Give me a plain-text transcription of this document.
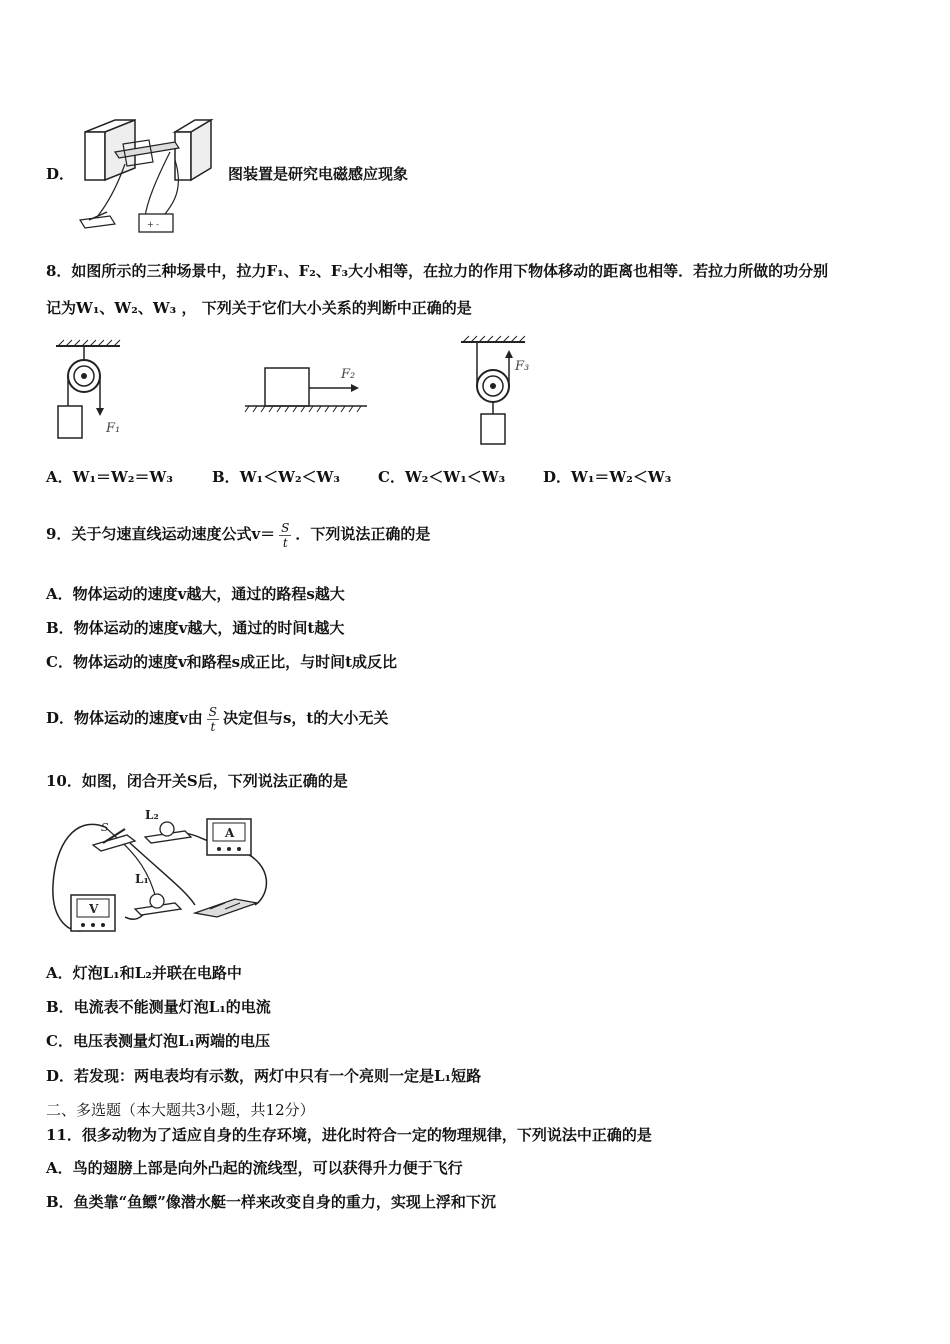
+ -
D．	图装置是研究电磁感应现象
8．如图所示的三种场景中，拉力F₁、F₂、F₃大小相等，在拉力的作用下物体移动的距离也相等．若拉力所做的功分别
记为W₁、W₂、W₃ ， 下列关于它们大小关系的判断中正确的是
F₁
F₂
F₃
A．W₁＝W₂＝W₃	B．W₁＜W₂＜W₃	C．W₂＜W₁＜W₃	D．W₁＝W₂＜W₃
9．关于匀速直线运动速度公式$v= \frac{S}{t}$ ．下列说法正确的是
A．物体运动的速度v越大，通过的路程s越大
B．物体运动的速度v越大，通过的时间t越大
C．物体运动的速度v和路程s成正比，与时间t成反比
D．物体运动的速度v由 $\frac{S}{t}$ 决定但与s，t的大小无关
10．如图，闭合开关S后，下列说法正确的是
S
L₂
A
L₁
V
A．灯泡L₁和L₂并联在电路中
B．电流表不能测量灯泡L₁的电流
C．电压表测量灯泡L₁两端的电压
D．若发现：两电表均有示数，两灯中只有一个亮则一定是L₁短路
二、多选题（本大题共3小题，共12分）
11．很多动物为了适应自身的生存环境，进化时符合一定的物理规律，下列说法中正确的是
A．鸟的翅膀上部是向外凸起的流线型，可以获得升力便于飞行
B．鱼类靠“鱼鳔”像潜水艇一样来改变自身的重力，实现上浮和下沉
